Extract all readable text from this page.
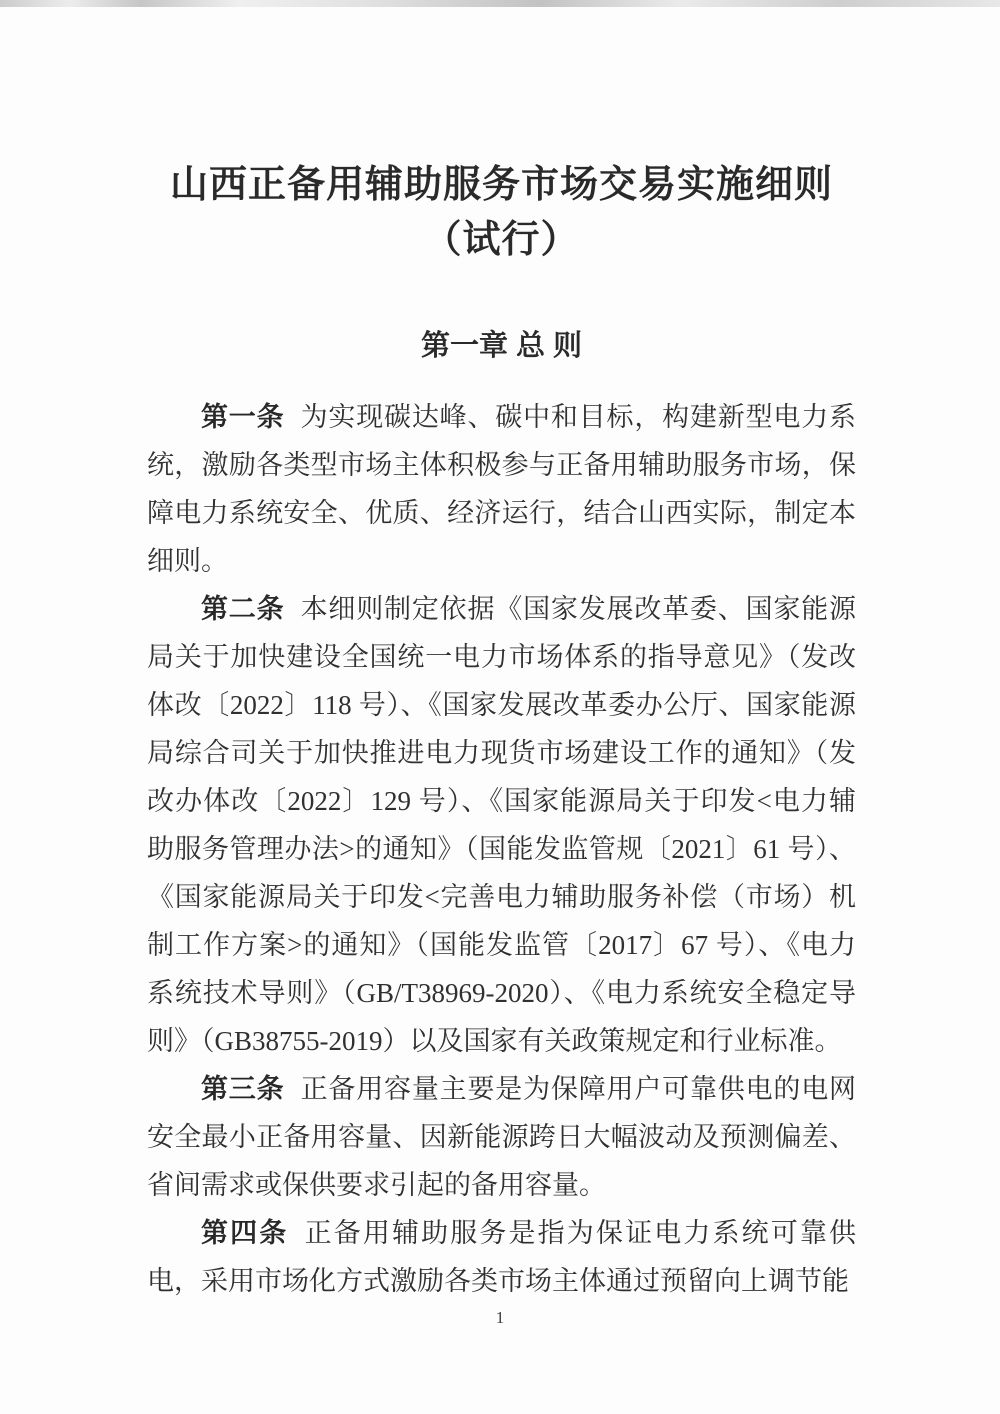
山西正备用辅助服务市场交易实施细则
（试行）
第一章 总 则

第一条 为实现碳达峰、碳中和目标，构建新型电力系统，激励各类型市场主体积极参与正备用辅助服务市场，保障电力系统安全、优质、经济运行，结合山西实际，制定本细则。

第二条 本细则制定依据《国家发展改革委、国家能源局关于加快建设全国统一电力市场体系的指导意见》（发改体改〔2022〕118 号）、《国家发展改革委办公厅、国家能源局综合司关于加快推进电力现货市场建设工作的通知》（发改办体改〔2022〕129 号）、《国家能源局关于印发<电力辅助服务管理办法>的通知》（国能发监管规〔2021〕61 号）、《国家能源局关于印发<完善电力辅助服务补偿（市场）机制工作方案>的通知》（国能发监管〔2017〕67 号）、《电力系统技术导则》（GB/T38969-2020）、《电力系统安全稳定导则》（GB38755-2019）以及国家有关政策规定和行业标准。

第三条 正备用容量主要是为保障用户可靠供电的电网安全最小正备用容量、因新能源跨日大幅波动及预测偏差、省间需求或保供要求引起的备用容量。

第四条 正备用辅助服务是指为保证电力系统可靠供电，采用市场化方式激励各类市场主体通过预留向上调节能

1
